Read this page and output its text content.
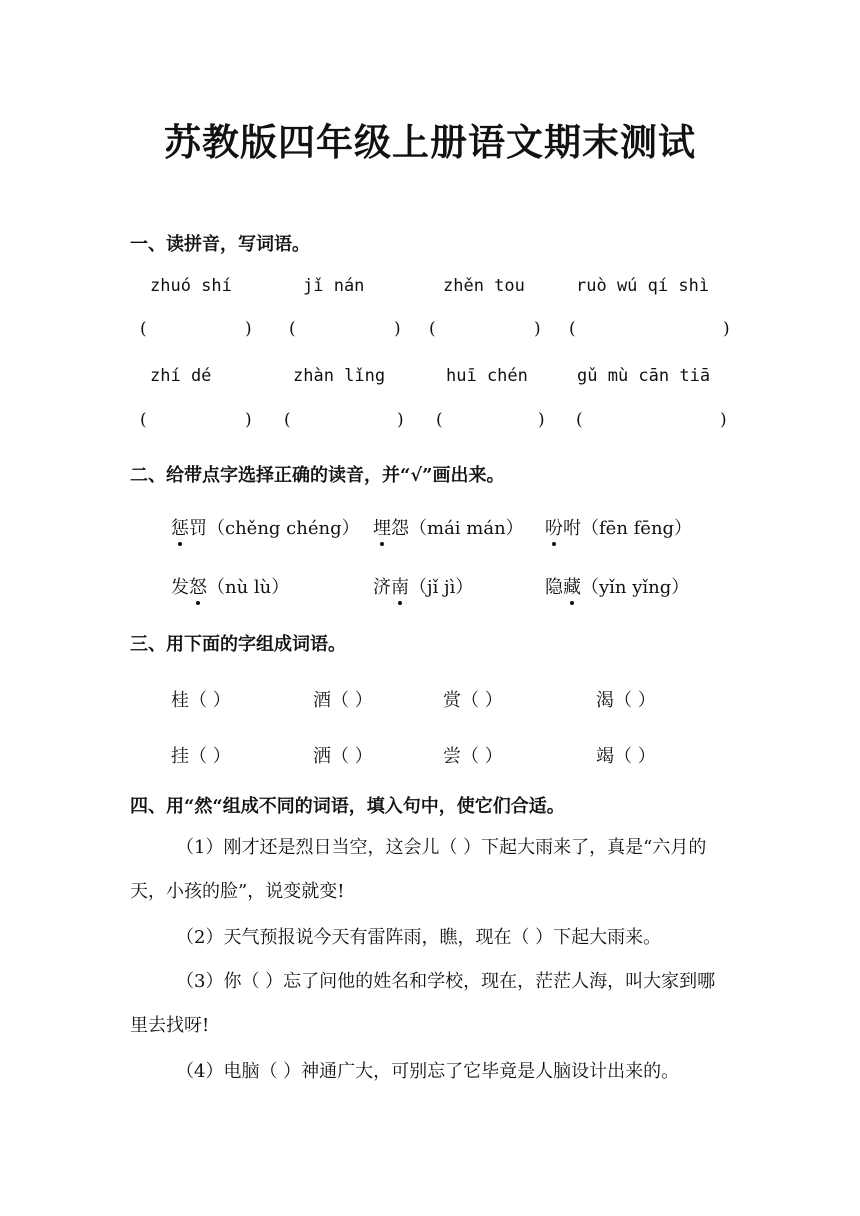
苏教版四年级上册语文期末测试
一、读拼音，写词语。
zhuó shí	jǐ nán	zhěn tou	ruò wú qí shì
(	) (	) (	) (	)
zhí dé	zhàn lǐng	huī chén	gǔ mù cān tiā
(	) (	) (	) (	)
二、给带点字选择正确的读音，并“√”画出来。
惩罚（chěng chéng） 埋怨（mái mán） 吩咐（fēn fēng）
发怒（nù lù）	济南（jǐ jì）	隐藏（yǐn yǐng）
三、用下面的字组成词语。
桂（ ）	酒（ ）	赏（ ）	渴（ ）
挂（ ）	洒（ ）	尝（ ）	竭（ ）
四、用“然“组成不同的词语，填入句中，使它们合适。
（1）刚才还是烈日当空，这会儿（ ）下起大雨来了，真是“六月的天，小孩的脸”，说变就变!
（2）天气预报说今天有雷阵雨，瞧，现在（ ）下起大雨来。
（3）你（ ）忘了问他的姓名和学校，现在，茫茫人海，叫大家到哪里去找呀!
（4）电脑（ ）神通广大，可别忘了它毕竟是人脑设计出来的。
